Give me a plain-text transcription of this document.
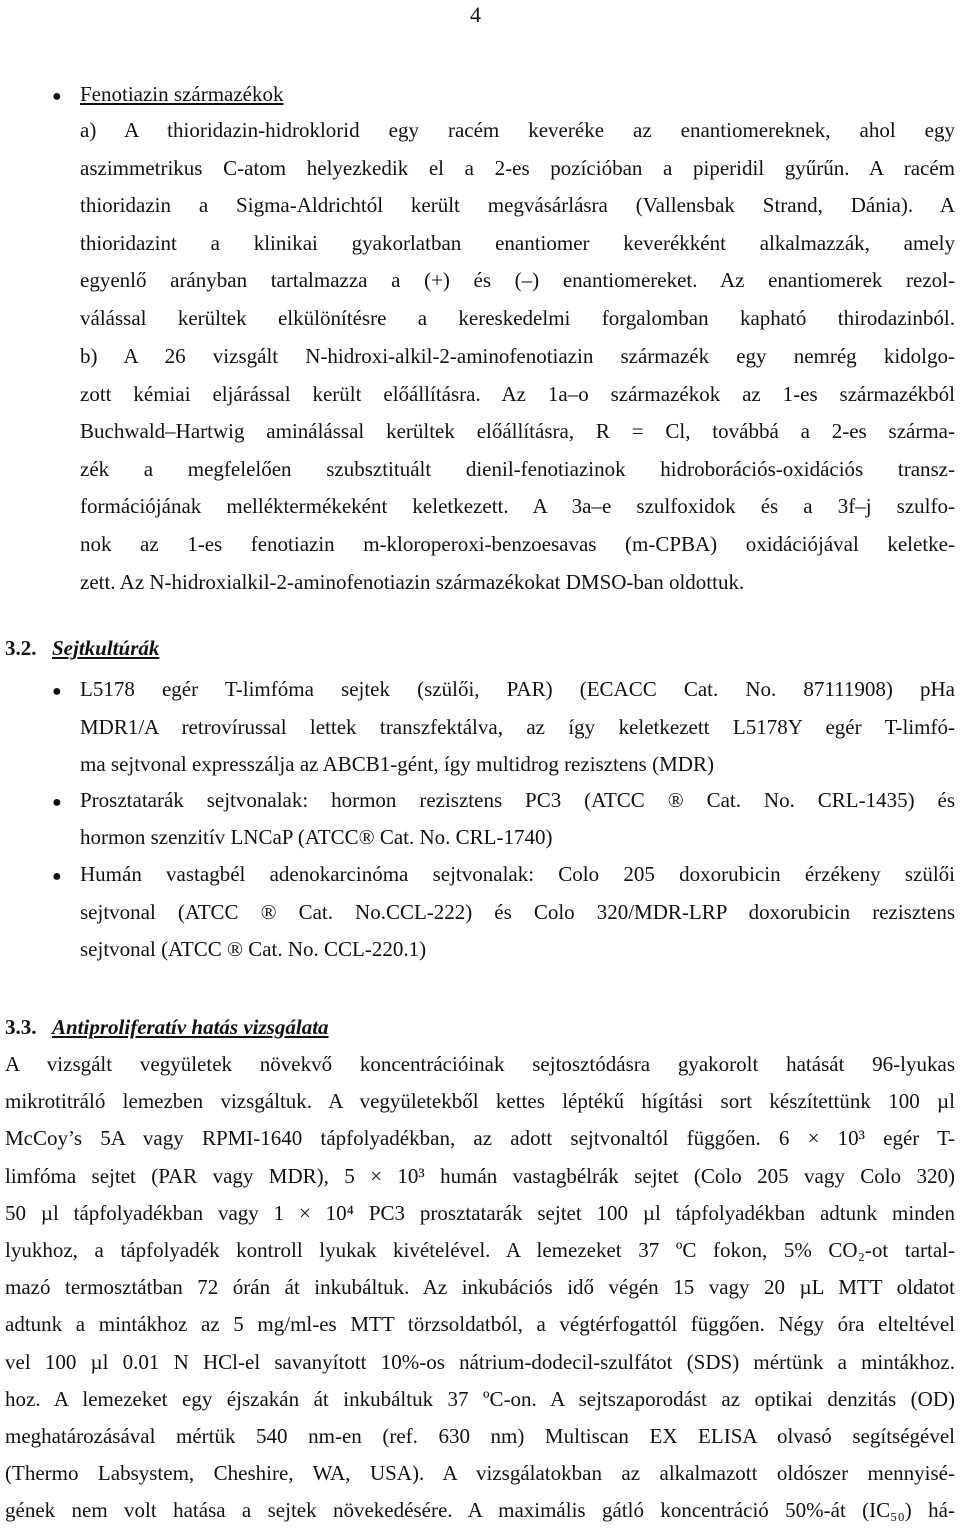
4
● Fenotiazin származékok
a) A thioridazin-hidroklorid egy racém keveréke az enantiomereknek, ahol egy
aszimmetrikus C-atom helyezkedik el a 2-es pozícióban a piperidil gyűrűn. A racém
thioridazin a Sigma-Aldrichtól került megvásárlásra (Vallensbak Strand, Dánia). A
thioridazint a klinikai gyakorlatban enantiomer keverékként alkalmazzák, amely
egyenlő arányban tartalmazza a (+) és (–) enantiomereket. Az enantiomerek rezol-
válással kerültek elkülönítésre a kereskedelmi forgalomban kapható thirodazinból.
b) A 26 vizsgált N-hidroxi-alkil-2-aminofenotiazin származék egy nemrég kidolgo-
zott kémiai eljárással került előállításra. Az 1a–o származékok az 1-es származékból
Buchwald–Hartwig aminálással kerültek előállításra, R = Cl, továbbá a 2-es szárma-
zék a megfelelően szubsztituált dienil-fenotiazinok hidroborációs-oxidációs transz-
formációjának melléktermékeként keletkezett. A 3a–e szulfoxidok és a 3f–j szulfo-
nok az 1-es fenotiazin m-kloroperoxi-benzoesavas (m-CPBA) oxidációjával keletke-
zett. Az N-hidroxialkil-2-aminofenotiazin származékokat DMSO-ban oldottuk.
3.2. Sejtkultúrák
● L5178 egér T-limfóma sejtek (szülői, PAR) (ECACC Cat. No. 87111908) pHa
MDR1/A retrovírussal lettek transzfektálva, az így keletkezett L5178Y egér T-limfó-
ma sejtvonal expresszálja az ABCB1-gént, így multidrog rezisztens (MDR)
● Prosztatarák sejtvonalak: hormon rezisztens PC3 (ATCC ® Cat. No. CRL-1435) és
hormon szenzitív LNCaP (ATCC® Cat. No. CRL-1740)
● Humán vastagbél adenokarcinóma sejtvonalak: Colo 205 doxorubicin érzékeny szülői
sejtvonal (ATCC ® Cat. No.CCL-222) és Colo 320/MDR-LRP doxorubicin rezisztens
sejtvonal (ATCC ® Cat. No. CCL-220.1)
3.3. Antiproliferatív hatás vizsgálata
A vizsgált vegyületek növekvő koncentrációinak sejtosztódásra gyakorolt hatását 96-lyukas
mikrotitráló lemezben vizsgáltuk. A vegyületekből kettes léptékű hígítási sort készítettünk 100 µl
McCoy’s 5A vagy RPMI-1640 tápfolyadékban, az adott sejtvonaltól függően. 6 × 10³ egér T-
limfóma sejtet (PAR vagy MDR), 5 × 10³ humán vastagbélrák sejtet (Colo 205 vagy Colo 320)
50 µl tápfolyadékban vagy 1 × 10⁴ PC3 prosztatarák sejtet 100 µl tápfolyadékban adtunk minden
lyukhoz, a tápfolyadék kontroll lyukak kivételével. A lemezeket 37 ºC fokon, 5% CO₂-ot tartal-
mazó termosztátban 72 órán át inkubáltuk. Az inkubációs idő végén 15 vagy 20 µL MTT oldatot
adtunk a mintákhoz az 5 mg/ml-es MTT törzsoldatból, a végtérfogattól függően. Négy óra elteltével
vel 100 µl 0.01 N HCl-el savanyított 10%-os nátrium-dodecil-szulfátot (SDS) mértünk a mintákhoz.
hoz. A lemezeket egy éjszakán át inkubáltuk 37 ºC-on. A sejtszaporodást az optikai denzitás (OD)
meghatározásával mértük 540 nm-en (ref. 630 nm) Multiscan EX ELISA olvasó segítségével
(Thermo Labsystem, Cheshire, WA, USA). A vizsgálatokban az alkalmazott oldószer mennyisé-
gének nem volt hatása a sejtek növekedésére. A maximális gátló koncentráció 50%-át (IC₅₀) há-
